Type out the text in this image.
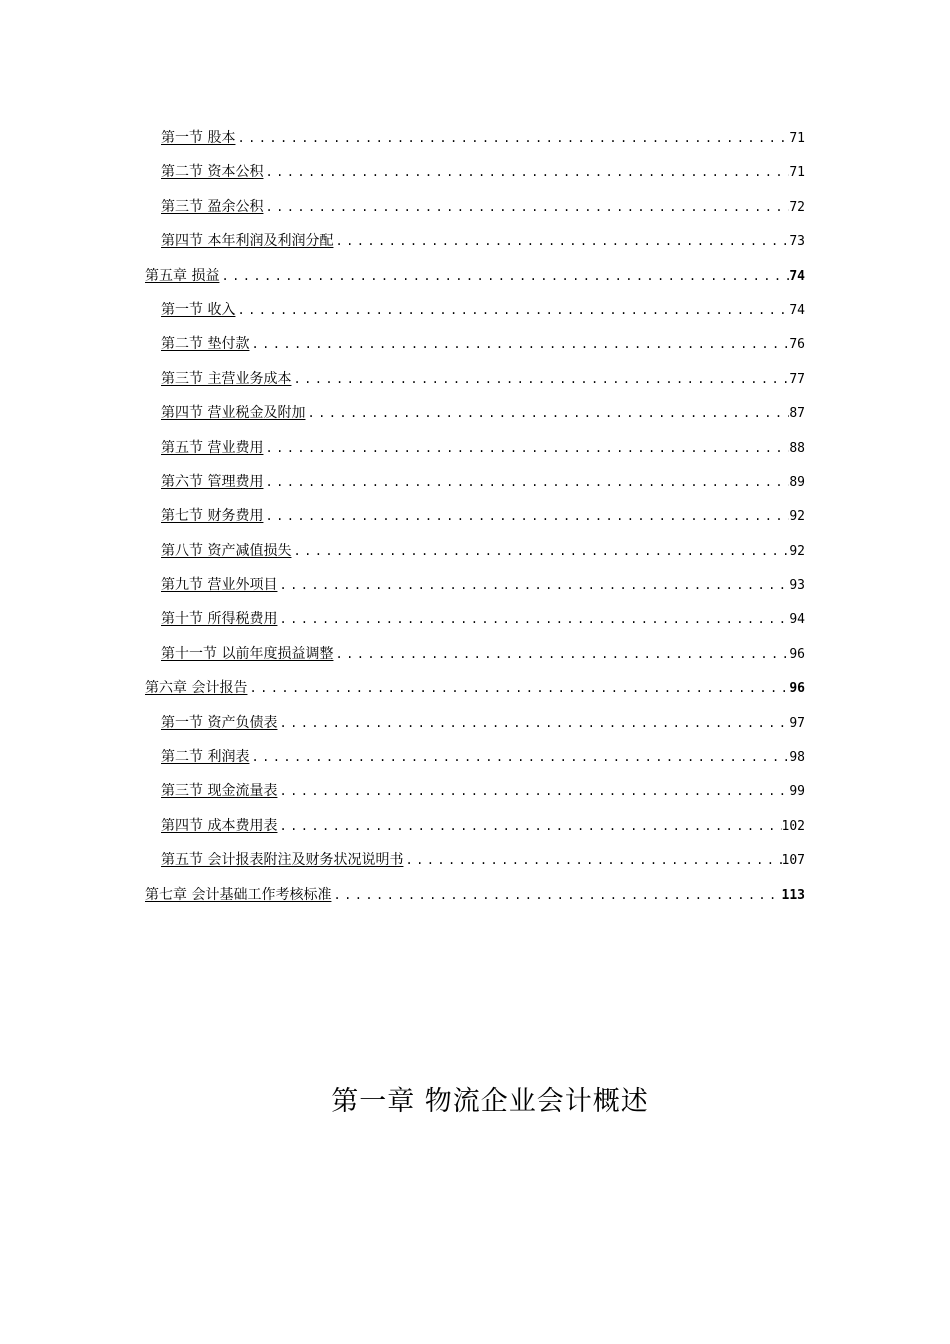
第一节 股本 .....	71
第二节 资本公积 .....	71
第三节 盈余公积 .....	72
第四节 本年利润及利润分配 .....	73
第五章 损益 .....	74
第一节 收入 .....	74
第二节 垫付款 .....	76
第三节 主营业务成本 .....	77
第四节 营业税金及附加 .....	87
第五节 营业费用 .....	88
第六节 管理费用 .....	89
第七节 财务费用 .....	92
第八节 资产减值损失 .....	92
第九节 营业外项目 .....	93
第十节 所得税费用 .....	94
第十一节 以前年度损益调整 .....	96
第六章 会计报告 .....	96
第一节 资产负债表 .....	97
第二节 利润表 .....	98
第三节 现金流量表 .....	99
第四节 成本费用表 .....	102
第五节 会计报表附注及财务状况说明书 .....	107
第七章 会计基础工作考核标准 .....	113
第一章 物流企业会计概述
